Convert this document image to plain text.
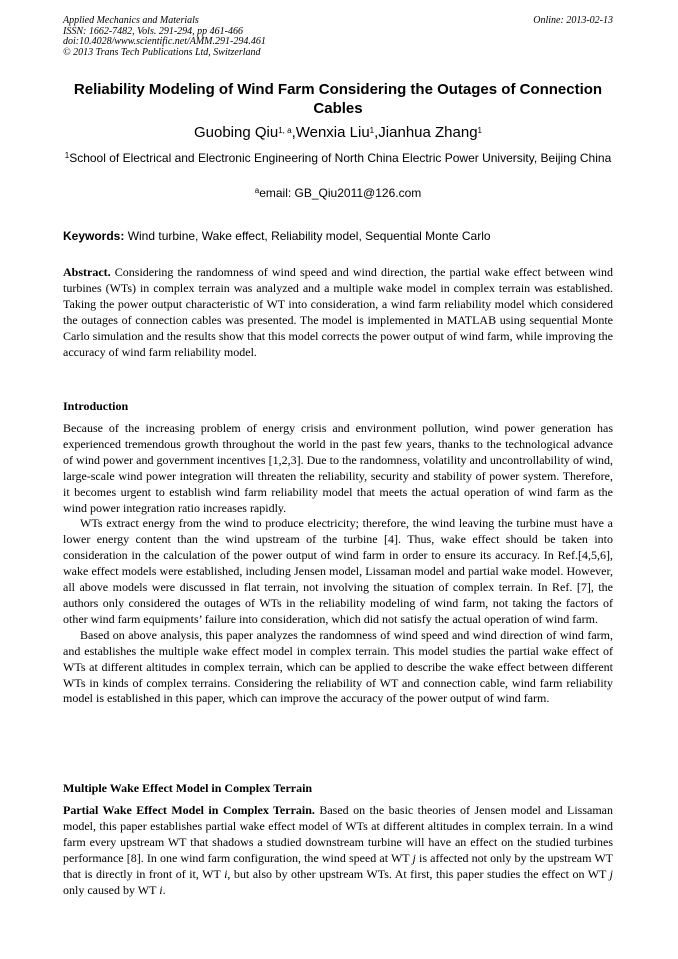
Applied Mechanics and Materials
ISSN: 1662-7482, Vols. 291-294, pp 461-466
doi:10.4028/www.scientific.net/AMM.291-294.461
© 2013 Trans Tech Publications Ltd, Switzerland
Online: 2013-02-13
Reliability Modeling of Wind Farm Considering the Outages of Connection Cables
Guobing Qiu$^{1, a}$,Wenxia Liu$^1$,Jianhua Zhang$^1$
$^1$School of Electrical and Electronic Engineering of North China Electric Power University, Beijing China
$^a$email: GB_Qiu2011@126.com
Keywords: Wind turbine, Wake effect, Reliability model, Sequential Monte Carlo

Abstract. Considering the randomness of wind speed and wind direction, the partial wake effect between wind turbines (WTs) in complex terrain was analyzed and a multiple wake model in complex terrain was established. Taking the power output characteristic of WT into consideration, a wind farm reliability model which considered the outages of connection cables was presented. The model is implemented in MATLAB using sequential Monte Carlo simulation and the results show that this model corrects the power output of wind farm, while improving the accuracy of wind farm reliability model.

Introduction

Because of the increasing problem of energy crisis and environment pollution, wind power generation has experienced tremendous growth throughout the world in the past few years, thanks to the technological advance of wind power and government incentives [1,2,3]. Due to the randomness, volatility and uncontrollability of wind, large-scale wind power integration will threaten the reliability, security and stability of power system. Therefore, it becomes urgent to establish wind farm reliability model that meets the actual operation of wind farm as the wind power integration ratio increases rapidly.

WTs extract energy from the wind to produce electricity; therefore, the wind leaving the turbine must have a lower energy content than the wind upstream of the turbine [4]. Thus, wake effect should be taken into consideration in the calculation of the power output of wind farm in order to ensure its accuracy. In Ref.[4,5,6], wake effect models were established, including Jensen model, Lissaman model and partial wake model. However, all above models were discussed in flat terrain, not involving the situation of complex terrain. In Ref. [7], the authors only considered the outages of WTs in the reliability modeling of wind farm, not taking the factors of other wind farm equipments’ failure into consideration, which did not satisfy the actual operation of wind farm.

Based on above analysis, this paper analyzes the randomness of wind speed and wind direction of wind farm, and establishes the multiple wake effect model in complex terrain. This model studies the partial wake effect of WTs at different altitudes in complex terrain, which can be applied to describe the wake effect between different WTs in kinds of complex terrains. Considering the reliability of WT and connection cable, wind farm reliability model is established in this paper, which can improve the accuracy of the power output of wind farm.

Multiple Wake Effect Model in Complex Terrain

Partial Wake Effect Model in Complex Terrain. Based on the basic theories of Jensen model and Lissaman model, this paper establishes partial wake effect model of WTs at different altitudes in complex terrain. In a wind farm every upstream WT that shadows a studied downstream turbine will have an effect on the studied turbines performance [8]. In one wind farm configuration, the wind speed at WT j is affected not only by the upstream WT that is directly in front of it, WT i, but also by other upstream WTs. At first, this paper studies the effect on WT j only caused by WT i.
